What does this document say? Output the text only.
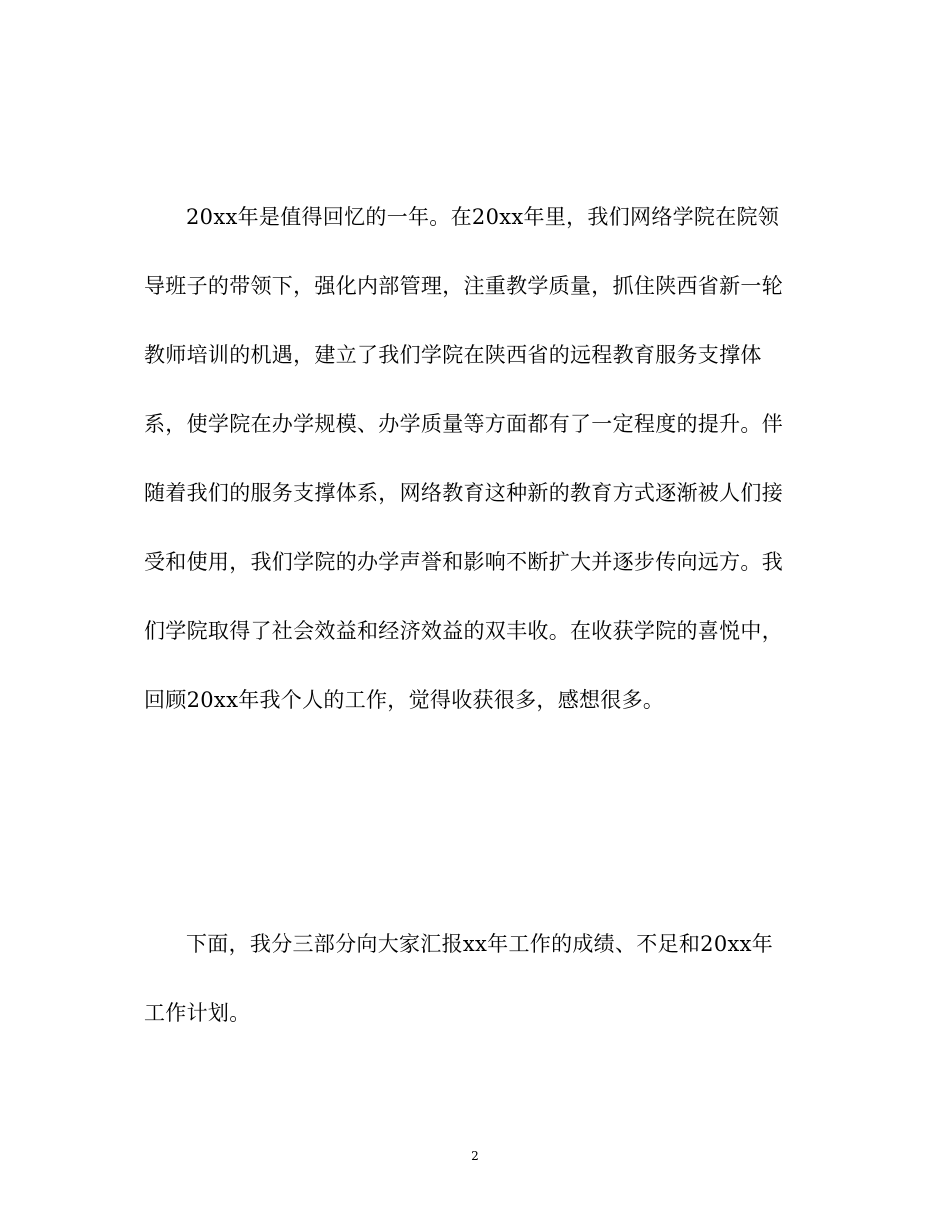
20xx年是值得回忆的一年。在20xx年里，我们网络学院在院领
导班子的带领下，强化内部管理，注重教学质量，抓住陕西省新一轮
教师培训的机遇，建立了我们学院在陕西省的远程教育服务支撑体
系，使学院在办学规模、办学质量等方面都有了一定程度的提升。伴
随着我们的服务支撑体系，网络教育这种新的教育方式逐渐被人们接
受和使用，我们学院的办学声誉和影响不断扩大并逐步传向远方。我
们学院取得了社会效益和经济效益的双丰收。在收获学院的喜悦中，
回顾20xx年我个人的工作，觉得收获很多，感想很多。
下面，我分三部分向大家汇报xx年工作的成绩、不足和20xx年
工作计划。
2
